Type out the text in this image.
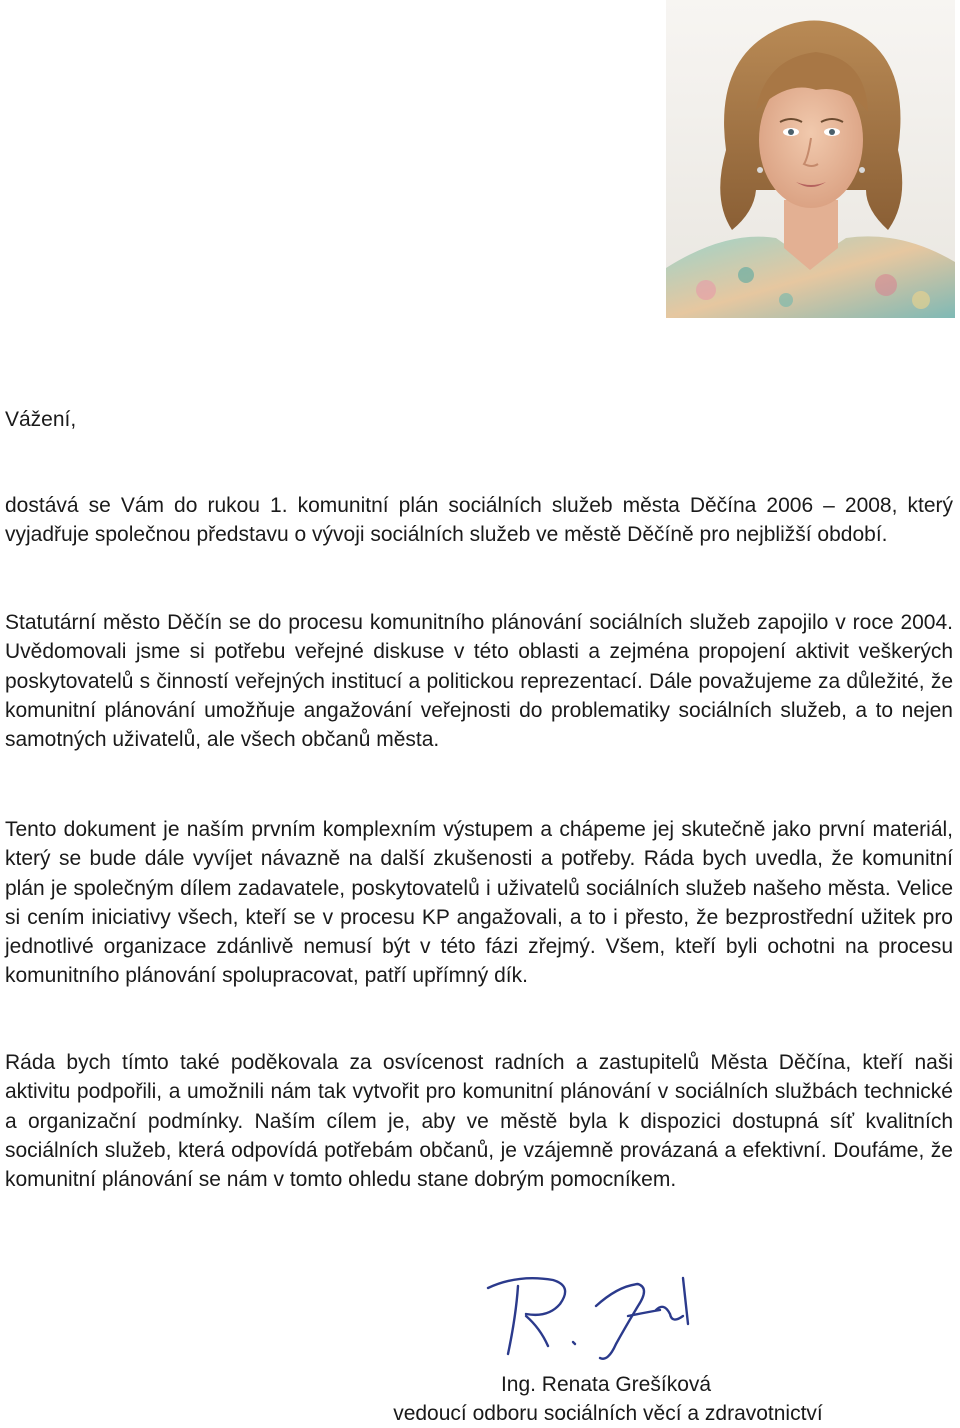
Vážení,

dostává se Vám do rukou 1. komunitní plán sociálních služeb města Děčína 2006 – 2008, který vyjadřuje společnou představu o vývoji sociálních služeb ve městě Děčíně pro nejbližší období.

Statutární město Děčín se do procesu komunitního plánování sociálních služeb zapojilo v roce 2004. Uvědomovali jsme si potřebu veřejné diskuse v této oblasti a zejména propojení aktivit veškerých poskytovatelů s činností veřejných institucí a politickou reprezentací. Dále považujeme za důležité, že komunitní plánování umožňuje angažování veřejnosti do problematiky sociálních služeb, a to nejen samotných uživatelů, ale všech občanů města.

Tento dokument je naším prvním komplexním výstupem a chápeme jej skutečně jako první materiál, který se bude dále vyvíjet návazně na další zkušenosti a potřeby. Ráda bych uvedla, že komunitní plán je společným dílem zadavatele, poskytovatelů i uživatelů sociálních služeb našeho města. Velice si cením iniciativy všech, kteří se v procesu KP angažovali, a to i přesto, že bezprostřední užitek pro jednotlivé organizace zdánlivě nemusí být v této fázi zřejmý. Všem, kteří byli ochotni na procesu komunitního plánování spolupracovat, patří upřímný dík.

Ráda bych tímto také poděkovala za osvícenost radních a zastupitelů Města Děčína, kteří naši aktivitu podpořili, a umožnili nám tak vytvořit pro komunitní plánování v sociálních službách technické a organizační podmínky. Naším cílem je, aby ve městě byla k dispozici dostupná síť kvalitních sociálních služeb, která odpovídá potřebám občanů, je vzájemně provázaná a efektivní. Doufáme, že komunitní plánování se nám v tomto ohledu stane dobrým pomocníkem.

Ing. Renata Grešíková

vedoucí odboru sociálních věcí a zdravotnictví
